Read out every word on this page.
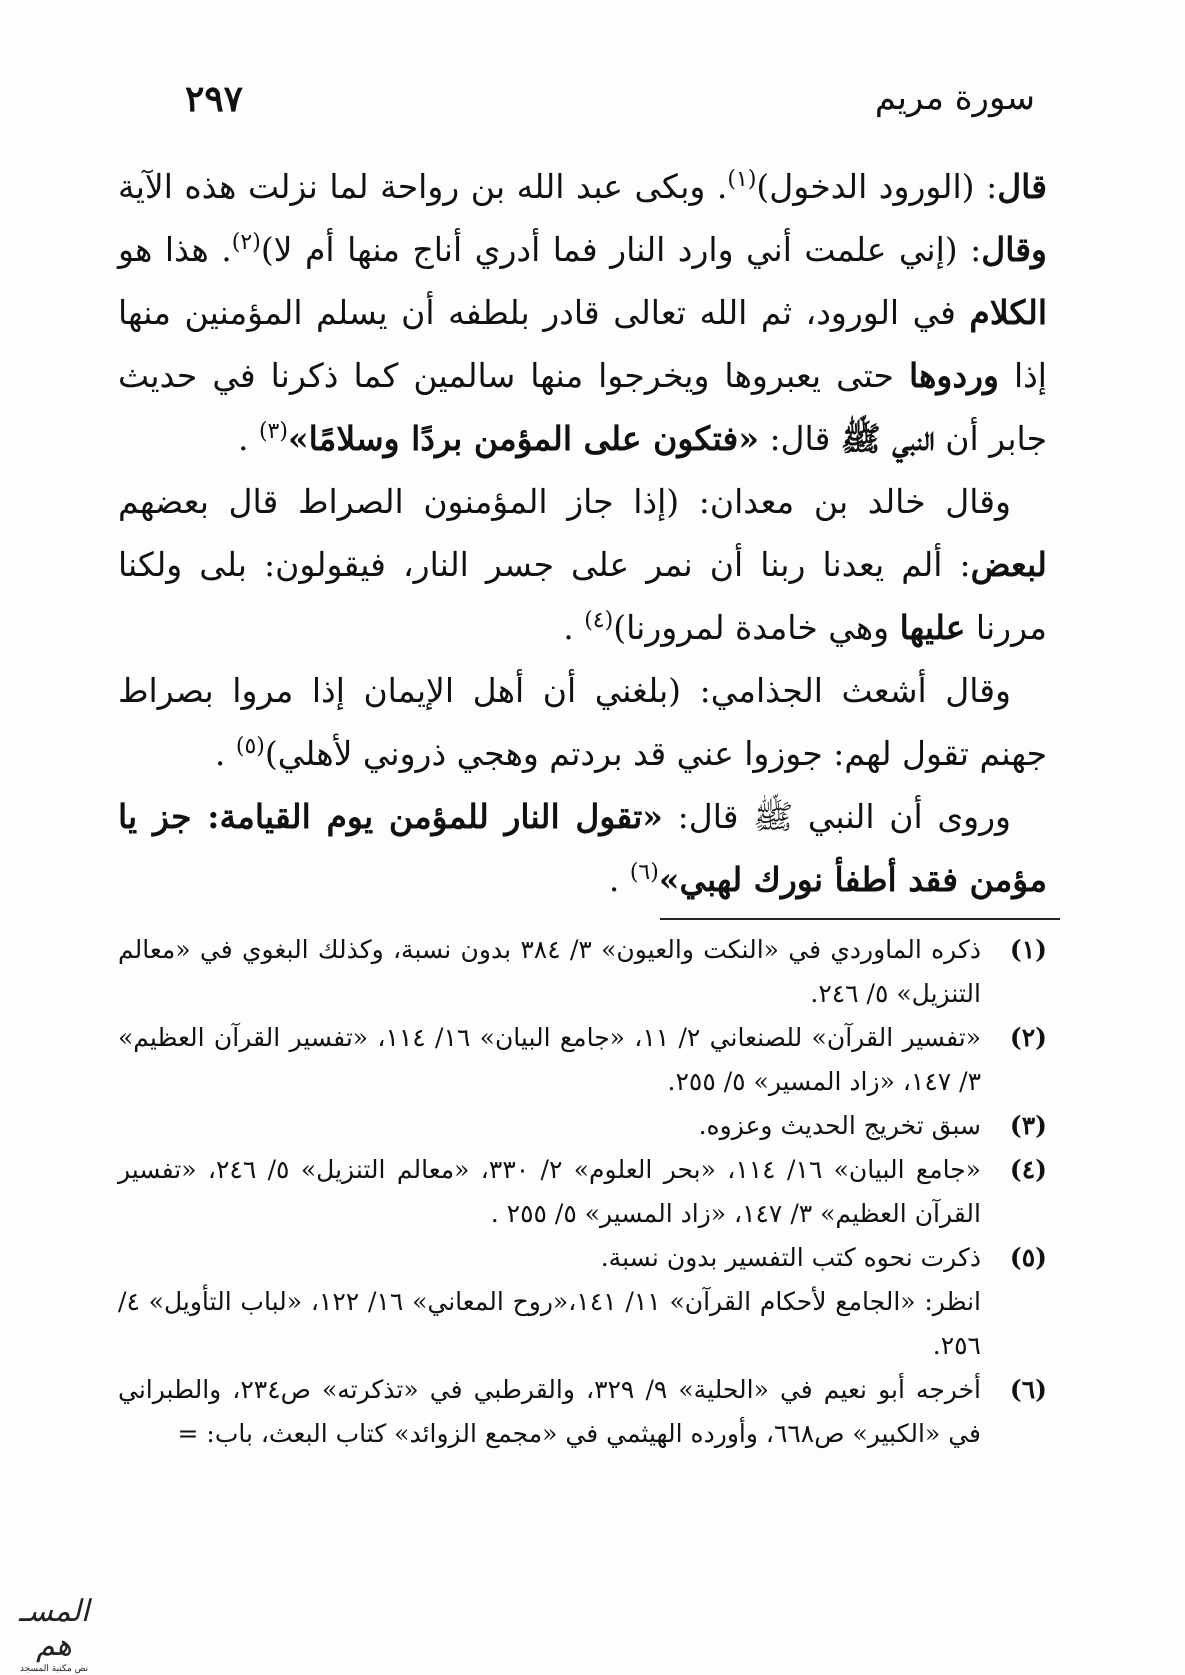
سورة مريم
٢٩٧

قال: (الورود الدخول)$^{(١)}$. وبكى عبد الله بن رواحة لما نزلت هذه الآية وقال: (إني علمت أني وارد النار فما أدري أناج منها أم لا)$^{(٢)}$. هذا هو الكلام في الورود، ثم الله تعالى قادر بلطفه أن يسلم المؤمنين منها إذا وردوها حتى يعبروها ويخرجوا منها سالمين كما ذكرنا في حديث جابر أن النبي ﷺ قال: «فتكون على المؤمن بردًا وسلامًا»$^{(٣)}$ .

وقال خالد بن معدان: (إذا جاز المؤمنون الصراط قال بعضهم لبعض: ألم يعدنا ربنا أن نمر على جسر النار، فيقولون: بلى ولكنا مررنا عليها وهي خامدة لمرورنا)$^{(٤)}$ .

وقال أشعث الجذامي: (بلغني أن أهل الإيمان إذا مروا بصراط جهنم تقول لهم: جوزوا عني قد بردتم وهجي ذروني لأهلي)$^{(٥)}$ .

وروى أن النبي ﷺ قال: «تقول النار للمؤمن يوم القيامة: جز يا مؤمن فقد أطفأ نورك لهبي»$^{(٦)}$ .

(١)
ذكره الماوردي في «النكت والعيون» ٣/ ٣٨٤ بدون نسبة، وكذلك البغوي في «معالم التنزيل» ٥/ ٢٤٦.
(٢)
«تفسير القرآن» للصنعاني ٢/ ١١، «جامع البيان» ١٦/ ١١٤، «تفسير القرآن العظيم» ٣/ ١٤٧، «زاد المسير» ٥/ ٢٥٥.
(٣)
سبق تخريج الحديث وعزوه.
(٤)
«جامع البيان» ١٦/ ١١٤، «بحر العلوم» ٢/ ٣٣٠، «معالم التنزيل» ٥/ ٢٤٦، «تفسير القرآن العظيم» ٣/ ١٤٧، «زاد المسير» ٥/ ٢٥٥ .
(٥)
ذكرت نحوه كتب التفسير بدون نسبة.
انظر: «الجامع لأحكام القرآن» ١١/ ١٤١،«روح المعاني» ١٦/ ١٢٢، «لباب التأويل» ٤/ ٢٥٦.
(٦)
أخرجه أبو نعيم في «الحلية» ٩/ ٣٢٩، والقرطبي في «تذكرته» ص٢٣٤، والطبراني في «الكبير» ص٦٦٨، وأورده الهيثمي في «مجمع الزوائد» كتاب البعث، باب: =
المسـ هم
نص مكتبة المسجد
